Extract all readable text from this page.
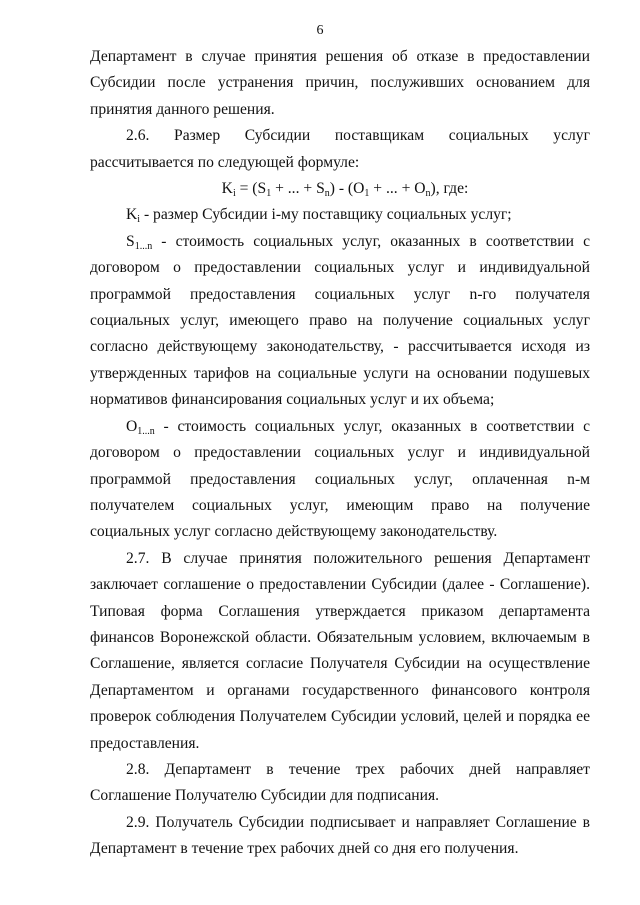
6

Департамент в случае принятия решения об отказе в предоставлении Субсидии после устранения причин, послуживших основанием для принятия данного решения.

2.6. Размер Субсидии поставщикам социальных услуг рассчитывается по следующей формуле:

$K_i = (S_1$ + ... + $S_n) - (O_1$ + ... + $O_n$), где:

$K_i$ - размер Субсидии i-му поставщику социальных услуг;

$S_{1...n}$ - стоимость социальных услуг, оказанных в соответствии с договором о предоставлении социальных услуг и индивидуальной программой предоставления социальных услуг n-го получателя социальных услуг, имеющего право на получение социальных услуг согласно действующему законодательству, - рассчитывается исходя из утвержденных тарифов на социальные услуги на основании подушевых нормативов финансирования социальных услуг и их объема;

$O_{1...n}$ - стоимость социальных услуг, оказанных в соответствии с договором о предоставлении социальных услуг и индивидуальной программой предоставления социальных услуг, оплаченная n-м получателем социальных услуг, имеющим право на получение социальных услуг согласно действующему законодательству.

2.7. В случае принятия положительного решения Департамент заключает соглашение о предоставлении Субсидии (далее - Соглашение). Типовая форма Соглашения утверждается приказом департамента финансов Воронежской области. Обязательным условием, включаемым в Соглашение, является согласие Получателя Субсидии на осуществление Департаментом и органами государственного финансового контроля проверок соблюдения Получателем Субсидии условий, целей и порядка ее предоставления.

2.8. Департамент в течение трех рабочих дней направляет Соглашение Получателю Субсидии для подписания.

2.9. Получатель Субсидии подписывает и направляет Соглашение в Департамент в течение трех рабочих дней со дня его получения.
